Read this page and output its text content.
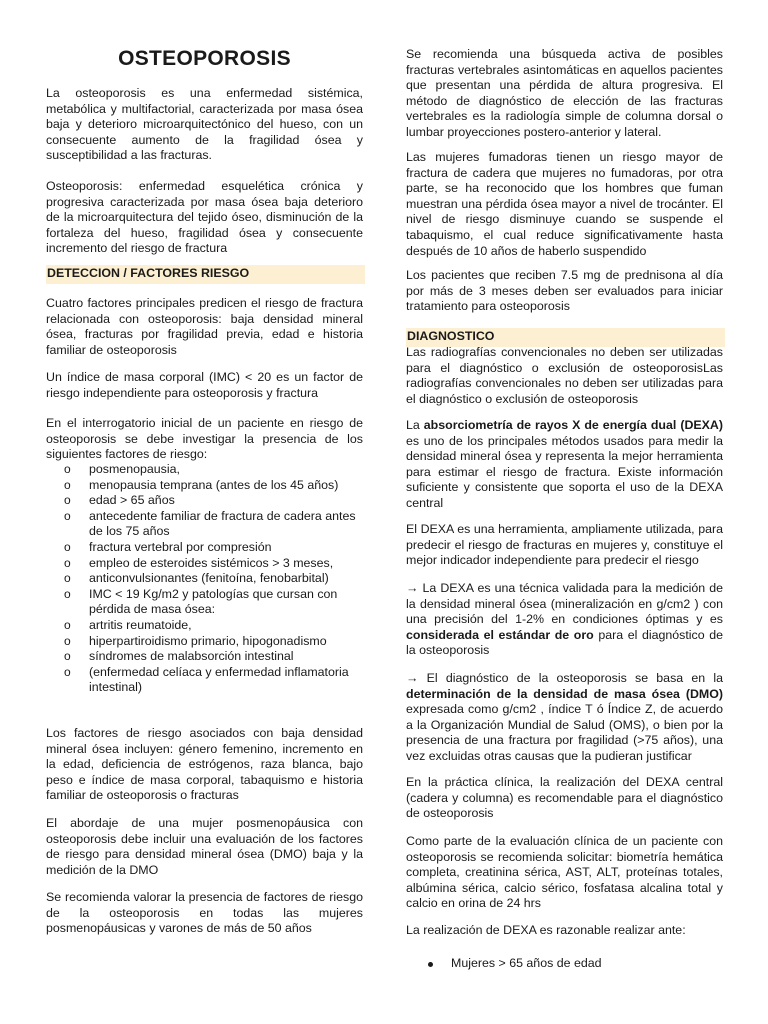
OSTEOPOROSIS

La osteoporosis es una enfermedad sistémica, metabólica y multifactorial, caracterizada por masa ósea baja y deterioro microarquitectónico del hueso, con un consecuente aumento de la fragilidad ósea y susceptibilidad a las fracturas.

Osteoporosis: enfermedad esquelética crónica y progresiva caracterizada por masa ósea baja deterioro de la microarquitectura del tejido óseo, disminución de la fortaleza del hueso, fragilidad ósea y consecuente incremento del riesgo de fractura

DETECCION / FACTORES RIESGO

Cuatro factores principales predicen el riesgo de fractura relacionada con osteoporosis: baja densidad mineral ósea, fracturas por fragilidad previa, edad e historia familiar de osteoporosis

Un índice de masa corporal (IMC) < 20 es un factor de riesgo independiente para osteoporosis y fractura

En el interrogatorio inicial de un paciente en riesgo de osteoporosis se debe investigar la presencia de los siguientes factores de riesgo:

o posmenopausia,
o menopausia temprana (antes de los 45 años)
o edad > 65 años
o antecedente familiar de fractura de cadera antes de los 75 años
o fractura vertebral por compresión
o empleo de esteroides sistémicos > 3 meses,
o anticonvulsionantes (fenitoína, fenobarbital)
o IMC < 19 Kg/m2 y patologías que cursan con pérdida de masa ósea:
o artritis reumatoide,
o hiperpartiroidismo primario, hipogonadismo
o síndromes de malabsorción intestinal
o (enfermedad celíaca y enfermedad inflamatoria intestinal)

Los factores de riesgo asociados con baja densidad mineral ósea incluyen: género femenino, incremento en la edad, deficiencia de estrógenos, raza blanca, bajo peso e índice de masa corporal, tabaquismo e historia familiar de osteoporosis o fracturas

El abordaje de una mujer posmenopáusica con osteoporosis debe incluir una evaluación de los factores de riesgo para densidad mineral ósea (DMO) baja y la medición de la DMO

Se recomienda valorar la presencia de factores de riesgo de la osteoporosis en todas las mujeres posmenopáusicas y varones de más de 50 años

Se recomienda una búsqueda activa de posibles fracturas vertebrales asintomáticas en aquellos pacientes que presentan una pérdida de altura progresiva. El método de diagnóstico de elección de las fracturas vertebrales es la radiología simple de columna dorsal o lumbar proyecciones postero-anterior y lateral.

Las mujeres fumadoras tienen un riesgo mayor de fractura de cadera que mujeres no fumadoras, por otra parte, se ha reconocido que los hombres que fuman muestran una pérdida ósea mayor a nivel de trocánter. El nivel de riesgo disminuye cuando se suspende el tabaquismo, el cual reduce significativamente hasta después de 10 años de haberlo suspendido

Los pacientes que reciben 7.5 mg de prednisona al día por más de 3 meses deben ser evaluados para iniciar tratamiento para osteoporosis

DIAGNOSTICO

Las radiografías convencionales no deben ser utilizadas para el diagnóstico o exclusión de osteoporosisLas radiografías convencionales no deben ser utilizadas para el diagnóstico o exclusión de osteoporosis

La absorciometría de rayos X de energía dual (DEXA) es uno de los principales métodos usados para medir la densidad mineral ósea y representa la mejor herramienta para estimar el riesgo de fractura. Existe información suficiente y consistente que soporta el uso de la DEXA central

El DEXA es una herramienta, ampliamente utilizada, para predecir el riesgo de fracturas en mujeres y, constituye el mejor indicador independiente para predecir el riesgo

→ La DEXA es una técnica validada para la medición de la densidad mineral ósea (mineralización en g/cm2 ) con una precisión del 1-2% en condiciones óptimas y es considerada el estándar de oro para el diagnóstico de la osteoporosis

→ El diagnóstico de la osteoporosis se basa en la determinación de la densidad de masa ósea (DMO) expresada como g/cm2 , índice T ó Índice Z, de acuerdo a la Organización Mundial de Salud (OMS), o bien por la presencia de una fractura por fragilidad (>75 años), una vez excluidas otras causas que la pudieran justificar

En la práctica clínica, la realización del DEXA central (cadera y columna) es recomendable para el diagnóstico de osteoporosis

Como parte de la evaluación clínica de un paciente con osteoporosis se recomienda solicitar: biometría hemática completa, creatinina sérica, AST, ALT, proteínas totales, albúmina sérica, calcio sérico, fosfatasa alcalina total y calcio en orina de 24 hrs

La realización de DEXA es razonable realizar ante:

Mujeres > 65 años de edad
